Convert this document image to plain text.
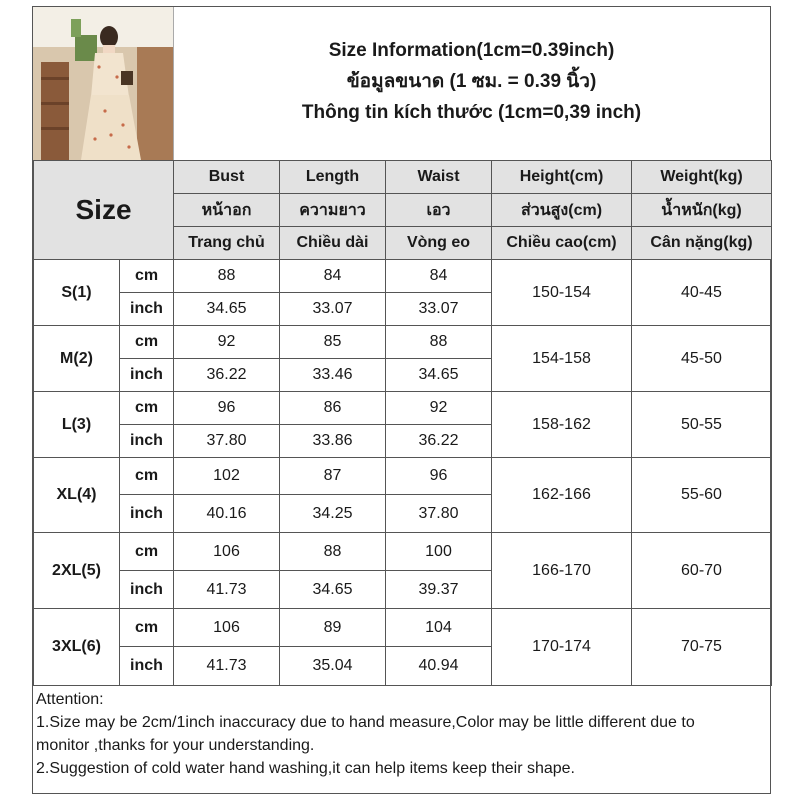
Size Information(1cm=0.39inch)
ข้อมูลขนาด (1 ซม. = 0.39 นิ้ว)
Thông tin kích thước (1cm=0,39 inch)
Size		Bust	Length	Waist	Height(cm)	Weight(kg)
		หน้าอก	ความยาว	เอว	ส่วนสูง(cm)	น้ำหนัก(kg)
		Trang chủ	Chiều dài	Vòng eo	Chiều cao(cm)	Cân nặng(kg)
S(1)	cm	88	84	84	150-154	40-45
	inch	34.65	33.07	33.07		
M(2)	cm	92	85	88	154-158	45-50
	inch	36.22	33.46	34.65		
L(3)	cm	96	86	92	158-162	50-55
	inch	37.80	33.86	36.22		
XL(4)	cm	102	87	96	162-166	55-60
	inch	40.16	34.25	37.80		
2XL(5)	cm	106	88	100	166-170	60-70
	inch	41.73	34.65	39.37		
3XL(6)	cm	106	89	104	170-174	70-75
	inch	41.73	35.04	40.94		
Attention:
1.Size may be 2cm/1inch inaccuracy due to hand measure,Color may be little different due to
monitor ,thanks for your understanding.
2.Suggestion of cold water hand washing,it can help items keep their shape.
